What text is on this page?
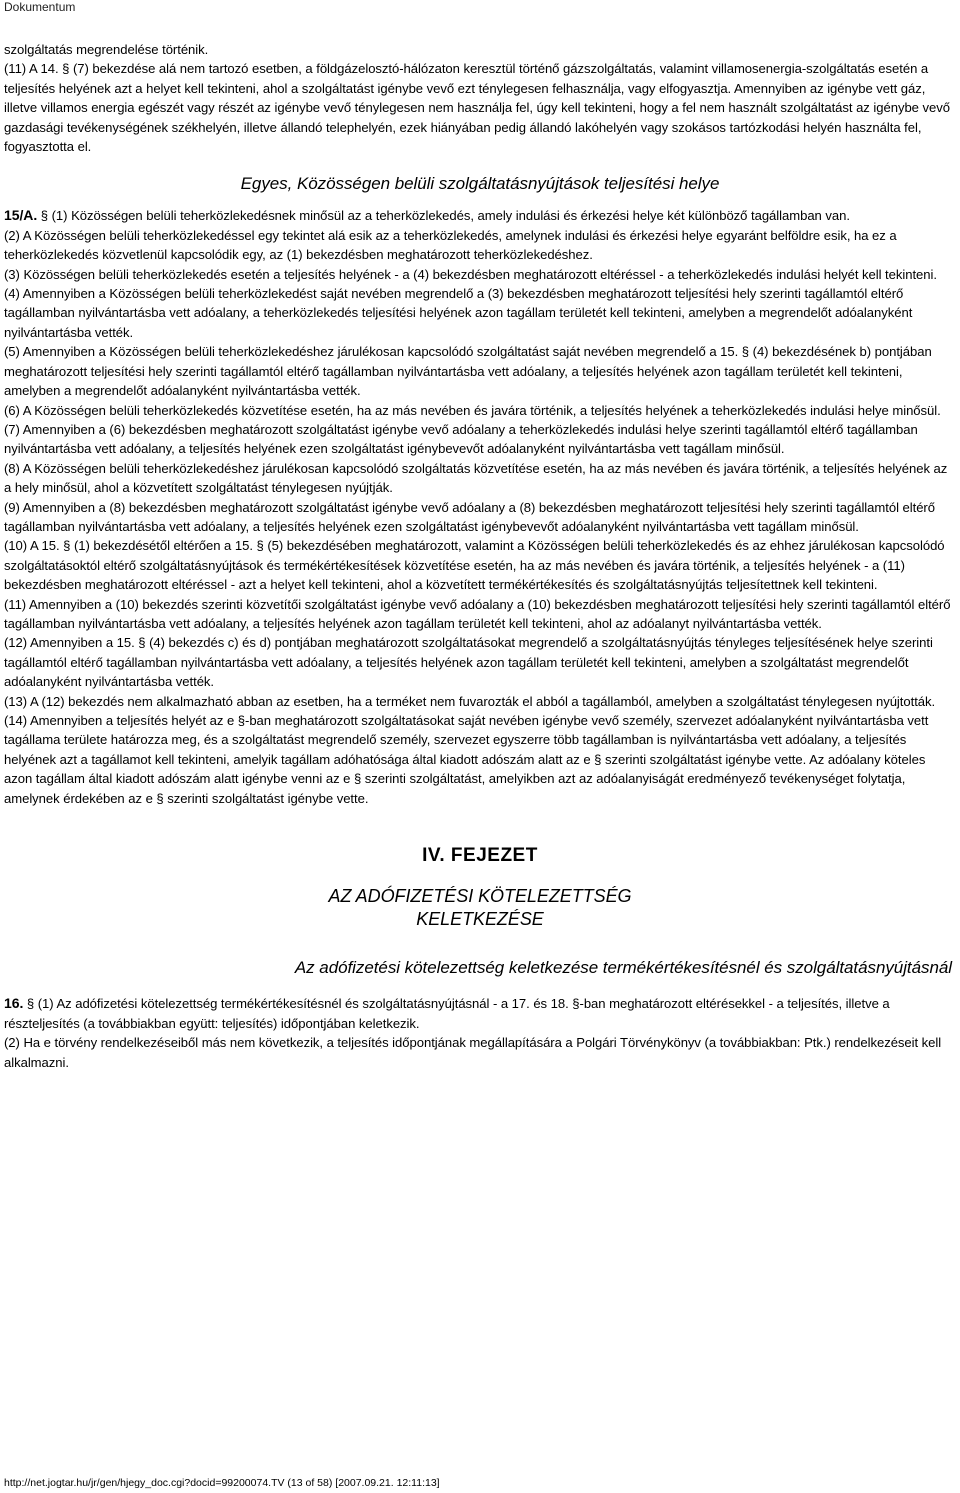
Dokumentum

szolgáltatás megrendelése történik.

(11) A 14. § (7) bekezdése alá nem tartozó esetben, a földgázelosztó-hálózaton keresztül történő gázszolgáltatás, valamint villamosenergia-szolgáltatás esetén a teljesítés helyének azt a helyet kell tekinteni, ahol a szolgáltatást igénybe vevő ezt ténylegesen felhasználja, vagy elfogyasztja. Amennyiben az igénybe vett gáz, illetve villamos energia egészét vagy részét az igénybe vevő ténylegesen nem használja fel, úgy kell tekinteni, hogy a fel nem használt szolgáltatást az igénybe vevő gazdasági tevékenységének székhelyén, illetve állandó telephelyén, ezek hiányában pedig állandó lakóhelyén vagy szokásos tartózkodási helyén használta fel, fogyasztotta el.

Egyes, Közösségen belüli szolgáltatásnyújtások teljesítési helye

15/A. § (1) Közösségen belüli teherközlekedésnek minősül az a teherközlekedés, amely indulási és érkezési helye két különböző tagállamban van.

(2) A Közösségen belüli teherközlekedéssel egy tekintet alá esik az a teherközlekedés, amelynek indulási és érkezési helye egyaránt belföldre esik, ha ez a teherközlekedés közvetlenül kapcsolódik egy, az (1) bekezdésben meghatározott teherközlekedéshez.

(3) Közösségen belüli teherközlekedés esetén a teljesítés helyének - a (4) bekezdésben meghatározott eltéréssel - a teherközlekedés indulási helyét kell tekinteni.

(4) Amennyiben a Közösségen belüli teherközlekedést saját nevében megrendelő a (3) bekezdésben meghatározott teljesítési hely szerinti tagállamtól eltérő tagállamban nyilvántartásba vett adóalany, a teherközlekedés teljesítési helyének azon tagállam területét kell tekinteni, amelyben a megrendelőt adóalanyként nyilvántartásba vették.

(5) Amennyiben a Közösségen belüli teherközlekedéshez járulékosan kapcsolódó szolgáltatást saját nevében megrendelő a 15. § (4) bekezdésének b) pontjában meghatározott teljesítési hely szerinti tagállamtól eltérő tagállamban nyilvántartásba vett adóalany, a teljesítés helyének azon tagállam területét kell tekinteni, amelyben a megrendelőt adóalanyként nyilvántartásba vették.

(6) A Közösségen belüli teherközlekedés közvetítése esetén, ha az más nevében és javára történik, a teljesítés helyének a teherközlekedés indulási helye minősül.

(7) Amennyiben a (6) bekezdésben meghatározott szolgáltatást igénybe vevő adóalany a teherközlekedés indulási helye szerinti tagállamtól eltérő tagállamban nyilvántartásba vett adóalany, a teljesítés helyének ezen szolgáltatást igénybevevőt adóalanyként nyilvántartásba vett tagállam minősül.

(8) A Közösségen belüli teherközlekedéshez járulékosan kapcsolódó szolgáltatás közvetítése esetén, ha az más nevében és javára történik, a teljesítés helyének az a hely minősül, ahol a közvetített szolgáltatást ténylegesen nyújtják.

(9) Amennyiben a (8) bekezdésben meghatározott szolgáltatást igénybe vevő adóalany a (8) bekezdésben meghatározott teljesítési hely szerinti tagállamtól eltérő tagállamban nyilvántartásba vett adóalany, a teljesítés helyének ezen szolgáltatást igénybevevőt adóalanyként nyilvántartásba vett tagállam minősül.

(10) A 15. § (1) bekezdésétől eltérően a 15. § (5) bekezdésében meghatározott, valamint a Közösségen belüli teherközlekedés és az ehhez járulékosan kapcsolódó szolgáltatásoktól eltérő szolgáltatásnyújtások és termékértékesítések közvetítése esetén, ha az más nevében és javára történik, a teljesítés helyének - a (11) bekezdésben meghatározott eltéréssel - azt a helyet kell tekinteni, ahol a közvetített termékértékesítés és szolgáltatásnyújtás teljesítettnek kell tekinteni.

(11) Amennyiben a (10) bekezdés szerinti közvetítői szolgáltatást igénybe vevő adóalany a (10) bekezdésben meghatározott teljesítési hely szerinti tagállamtól eltérő tagállamban nyilvántartásba vett adóalany, a teljesítés helyének azon tagállam területét kell tekinteni, ahol az adóalanyt nyilvántartásba vették.

(12) Amennyiben a 15. § (4) bekezdés c) és d) pontjában meghatározott szolgáltatásokat megrendelő a szolgáltatásnyújtás tényleges teljesítésének helye szerinti tagállamtól eltérő tagállamban nyilvántartásba vett adóalany, a teljesítés helyének azon tagállam területét kell tekinteni, amelyben a szolgáltatást megrendelőt adóalanyként nyilvántartásba vették.

(13) A (12) bekezdés nem alkalmazható abban az esetben, ha a terméket nem fuvarozták el abból a tagállamból, amelyben a szolgáltatást ténylegesen nyújtották.

(14) Amennyiben a teljesítés helyét az e §-ban meghatározott szolgáltatásokat saját nevében igénybe vevő személy, szervezet adóalanyként nyilvántartásba vett tagállama területe határozza meg, és a szolgáltatást megrendelő személy, szervezet egyszerre több tagállamban is nyilvántartásba vett adóalany, a teljesítés helyének azt a tagállamot kell tekinteni, amelyik tagállam adóhatósága által kiadott adószám alatt az e § szerinti szolgáltatást igénybe vette. Az adóalany köteles azon tagállam által kiadott adószám alatt igénybe venni az e § szerinti szolgáltatást, amelyikben azt az adóalanyiságát eredményező tevékenységet folytatja, amelynek érdekében az e § szerinti szolgáltatást igénybe vette.

IV. FEJEZET

AZ ADÓFIZETÉSI KÖTELEZETTSÉG
KELETKEZÉSE

Az adófizetési kötelezettség keletkezése termékértékesítésnél és szolgáltatásnyújtásnál

16. § (1) Az adófizetési kötelezettség termékértékesítésnél és szolgáltatásnyújtásnál - a 17. és 18. §-ban meghatározott eltérésekkel - a teljesítés, illetve a részteljesítés (a továbbiakban együtt: teljesítés) időpontjában keletkezik.

(2) Ha e törvény rendelkezéseiből más nem következik, a teljesítés időpontjának megállapítására a Polgári Törvénykönyv (a továbbiakban: Ptk.) rendelkezéseit kell alkalmazni.

http://net.jogtar.hu/jr/gen/hjegy_doc.cgi?docid=99200074.TV (13 of 58) [2007.09.21. 12:11:13]
